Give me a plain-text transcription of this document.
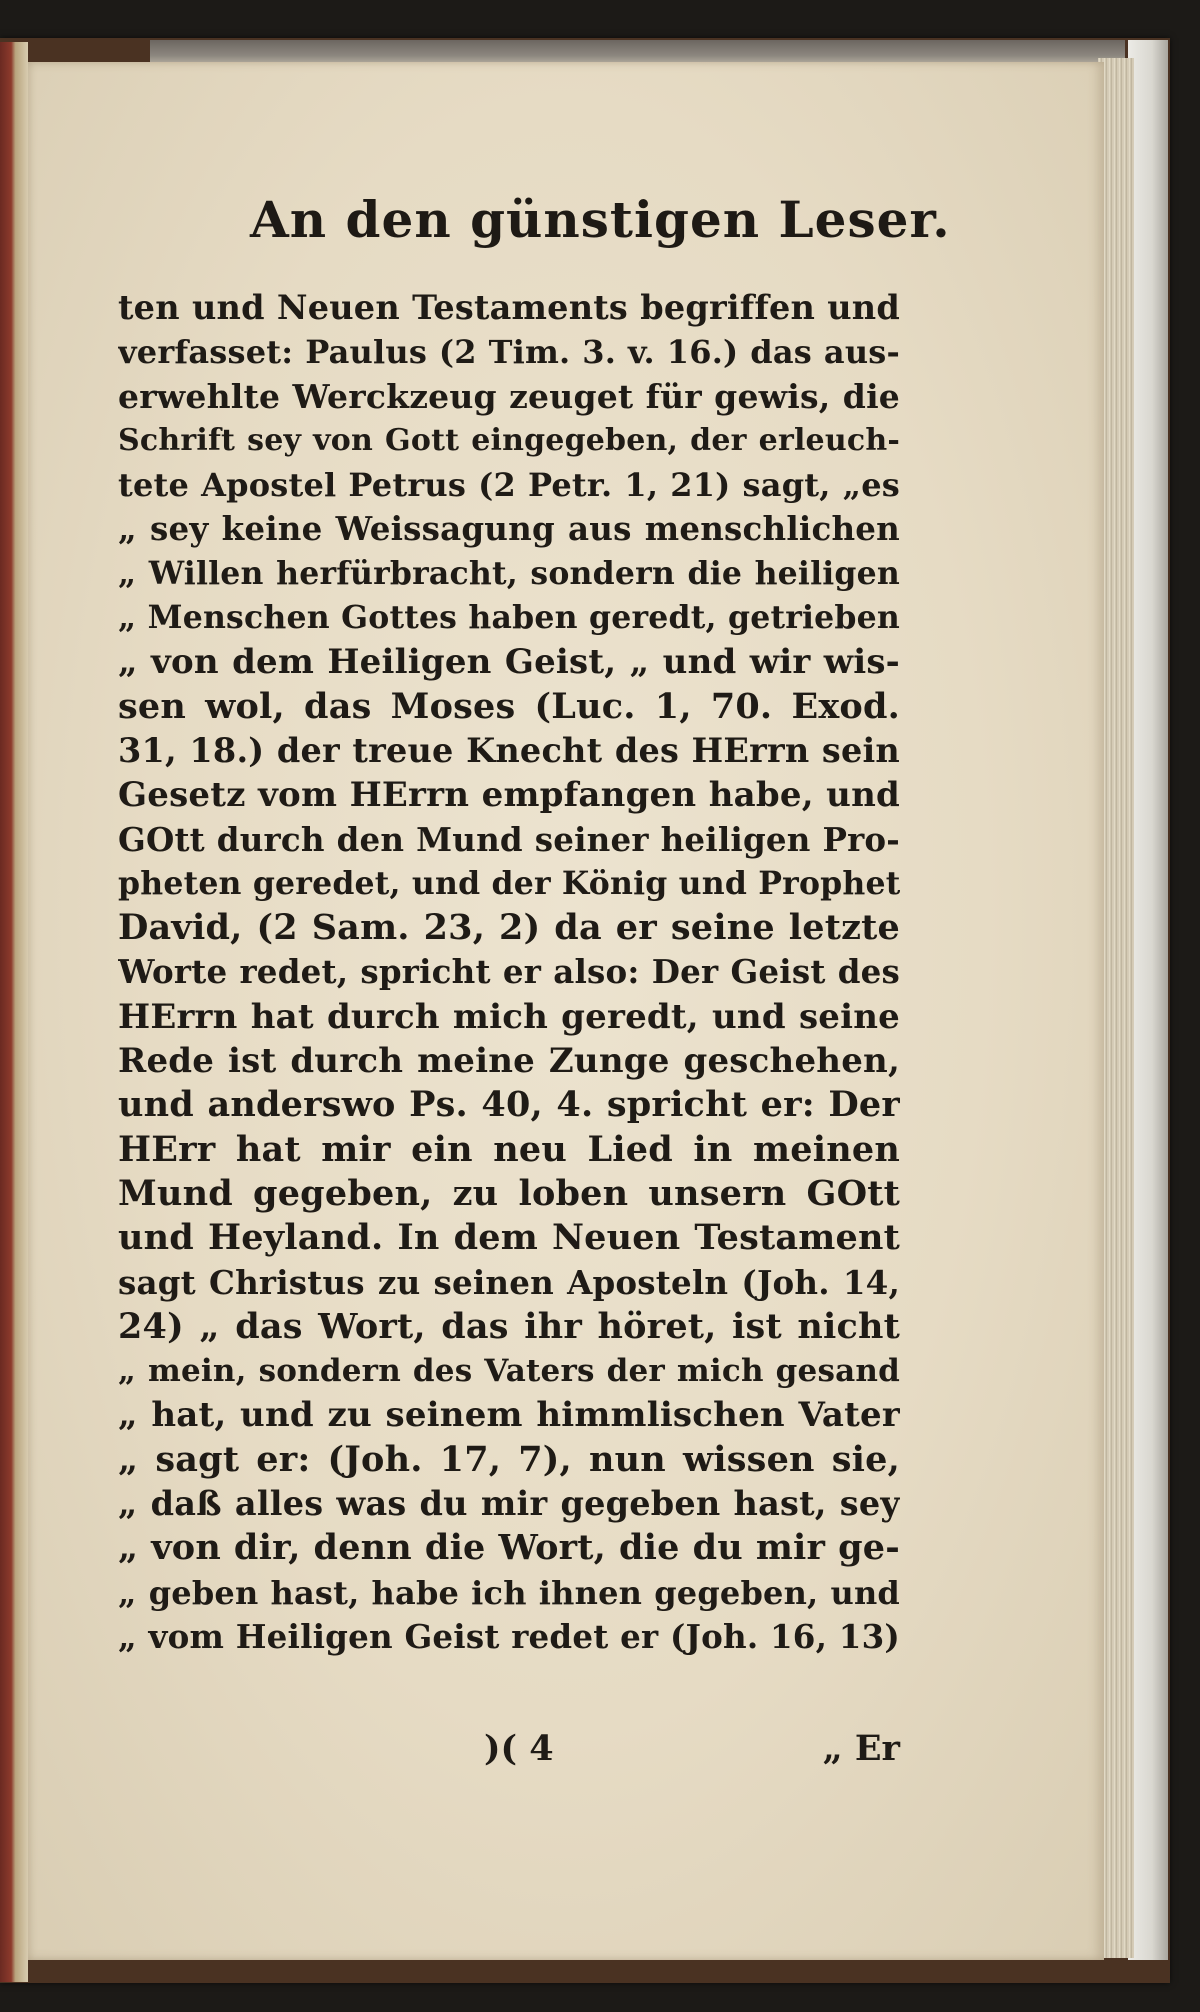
An den günstigen Leser.
ten und Neuen Testaments begriffen und
verfasset: Paulus (2 Tim. 3. v. 16.) das aus-
erwehlte Werckzeug zeuget für gewis, die
Schrift sey von Gott eingegeben, der erleuch-
tete Apostel Petrus (2 Petr. 1, 21) sagt, „es
„ sey keine Weissagung aus menschlichen
„ Willen herfürbracht, sondern die heiligen
„ Menschen Gottes haben geredt, getrieben
„ von dem Heiligen Geist, „ und wir wis-
sen wol, das Moses (Luc. 1, 70. Exod.
31, 18.) der treue Knecht des HErrn sein
Gesetz vom HErrn empfangen habe, und
GOtt durch den Mund seiner heiligen Pro-
pheten geredet, und der König und Prophet
David, (2 Sam. 23, 2) da er seine letzte
Worte redet, spricht er also: Der Geist des
HErrn hat durch mich geredt, und seine
Rede ist durch meine Zunge geschehen,
und anderswo Ps. 40, 4. spricht er: Der
HErr hat mir ein neu Lied in meinen
Mund gegeben, zu loben unsern GOtt
und Heyland. In dem Neuen Testament
sagt Christus zu seinen Aposteln (Joh. 14,
24) „ das Wort, das ihr höret, ist nicht
„ mein, sondern des Vaters der mich gesand
„ hat, und zu seinem himmlischen Vater
„ sagt er: (Joh. 17, 7), nun wissen sie,
„ daß alles was du mir gegeben hast, sey
„ von dir, denn die Wort, die du mir ge-
„ geben hast, habe ich ihnen gegeben, und
„ vom Heiligen Geist redet er (Joh. 16, 13)
)( 4	„ Er
